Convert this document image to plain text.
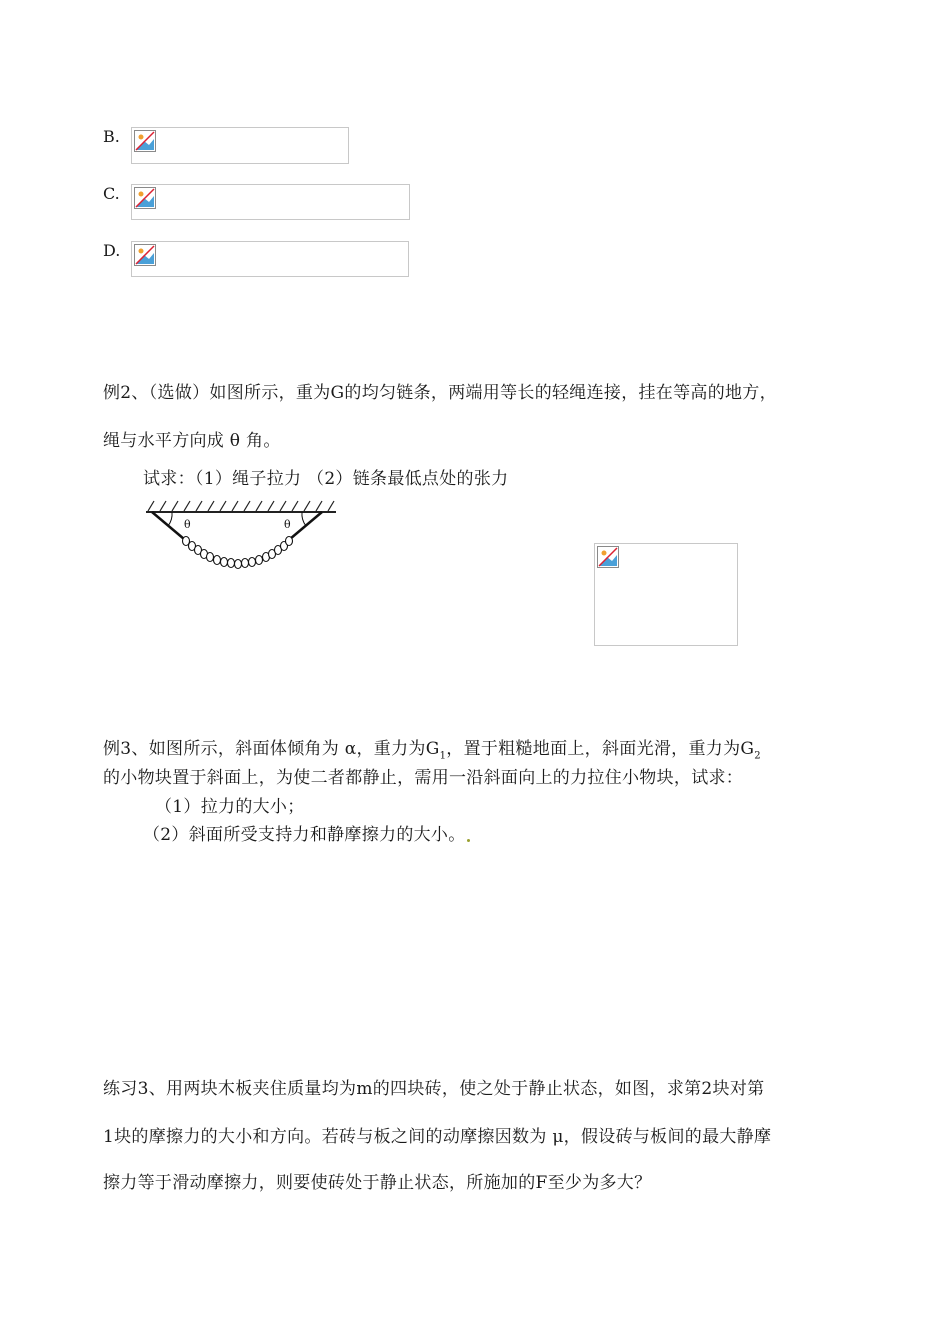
B.
C.
D.
例2、（选做）如图所示，重为G的均匀链条，两端用等长的轻绳连接，挂在等高的地方，
绳与水平方向成 θ 角。
试求：（1）绳子拉力 （2）链条最低点处的张力
θ	θ
例3、如图所示，斜面体倾角为 α，重力为$G_1$，置于粗糙地面上，斜面光滑，重力为$G_2$
的小物块置于斜面上，为使二者都静止，需用一沿斜面向上的力拉住小物块，试求：
（1）拉力的大小；
（2）斜面所受支持力和静摩擦力的大小。
练习3、用两块木板夹住质量均为m的四块砖，使之处于静止状态，如图，求第2块对第
1块的摩擦力的大小和方向。若砖与板之间的动摩擦因数为 μ，假设砖与板间的最大静摩
擦力等于滑动摩擦力，则要使砖处于静止状态，所施加的F至少为多大？
